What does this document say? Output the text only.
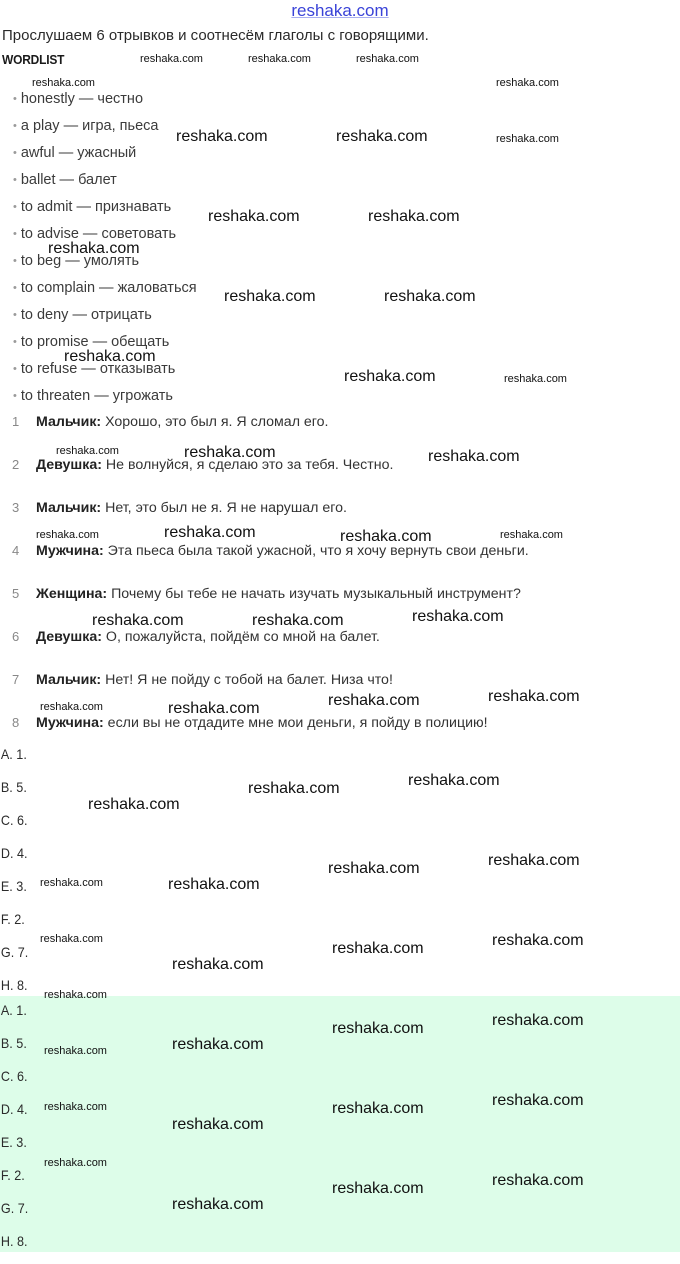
reshaka.com
Прослушаем 6 отрывков и соотнесём глаголы с говорящими.
WORDLIST
• honestly — честно
• a play — игра, пьеса
• awful — ужасный
• ballet — балет
• to admit — признавать
• to advise — советовать
• to beg — умолять
• to complain — жаловаться
• to deny — отрицать
• to promise — обещать
• to refuse — отказывать
• to threaten — угрожать
1	Мальчик: Хорошо, это был я. Я сломал его.
2	Девушка: Не волнуйся, я сделаю это за тебя. Честно.
3	Мальчик: Нет, это был не я. Я не нарушал его.
4	Мужчина: Эта пьеса была такой ужасной, что я хочу вернуть свои деньги.
5	Женщина: Почему бы тебе не начать изучать музыкальный инструмент?
6	Девушка: О, пожалуйста, пойдём со мной на балет.
7	Мальчик: Нет! Я не пойду с тобой на балет. Низа что!
8	Мужчина: если вы не отдадите мне мои деньги, я пойду в полицию!
A. 1.
B. 5.
C. 6.
D. 4.
E. 3.
F. 2.
G. 7.
H. 8.
A. 1.
B. 5.
C. 6.
D. 4.
E. 3.
F. 2.
G. 7.
H. 8.
reshaka.com	reshaka.com	reshaka.com
reshaka.com	reshaka.com
reshaka.com	reshaka.com	reshaka.com
reshaka.com	reshaka.com
reshaka.com
reshaka.com	reshaka.com
reshaka.com
reshaka.com	reshaka.com
reshaka.com	reshaka.com	reshaka.com
reshaka.com	reshaka.com	reshaka.com	reshaka.com
reshaka.com	reshaka.com	reshaka.com
reshaka.com	reshaka.com	reshaka.com	reshaka.com
reshaka.com
reshaka.com
reshaka.com
reshaka.com
reshaka.com
reshaka.com	reshaka.com
reshaka.com	reshaka.com
reshaka.com
reshaka.com
reshaka.com
reshaka.com
reshaka.com
reshaka.com	reshaka.com
reshaka.com
reshaka.com
reshaka.com
reshaka.com
reshaka.com
reshaka.com
reshaka.com
reshaka.com
